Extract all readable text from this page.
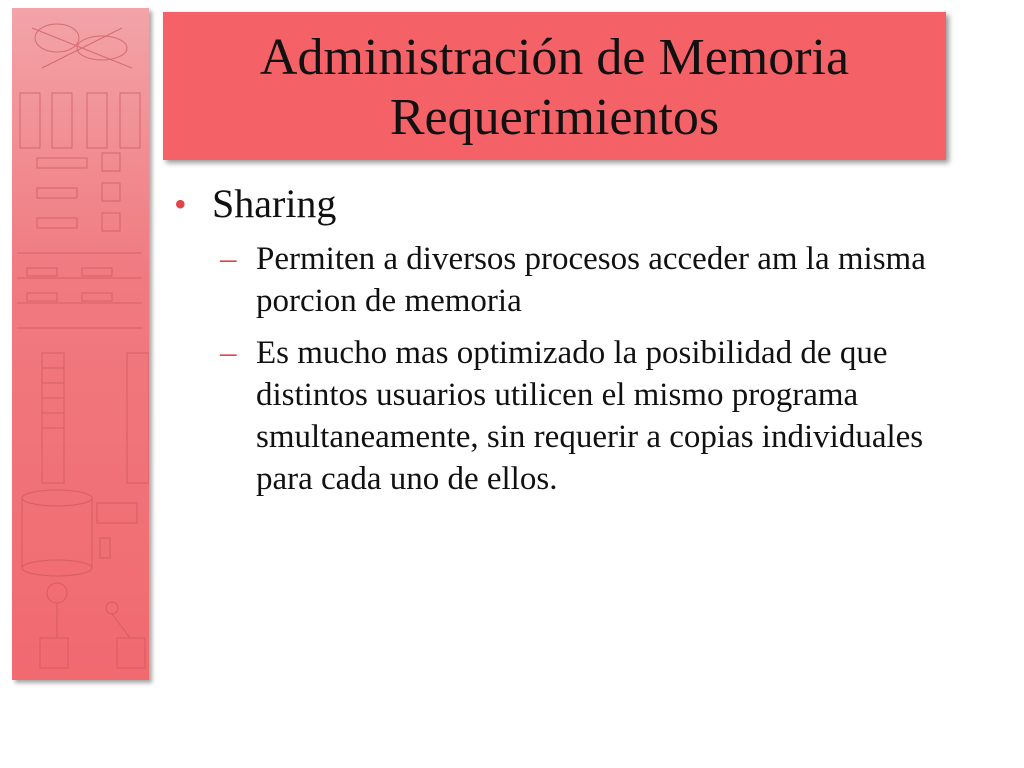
Administración de Memoria
Requerimientos
• Sharing
– Permiten a diversos procesos acceder am la misma porcion de memoria
– Es mucho mas optimizado la posibilidad de que distintos usuarios utilicen el mismo programa smultaneamente, sin requerir a copias individuales para cada uno de ellos.
